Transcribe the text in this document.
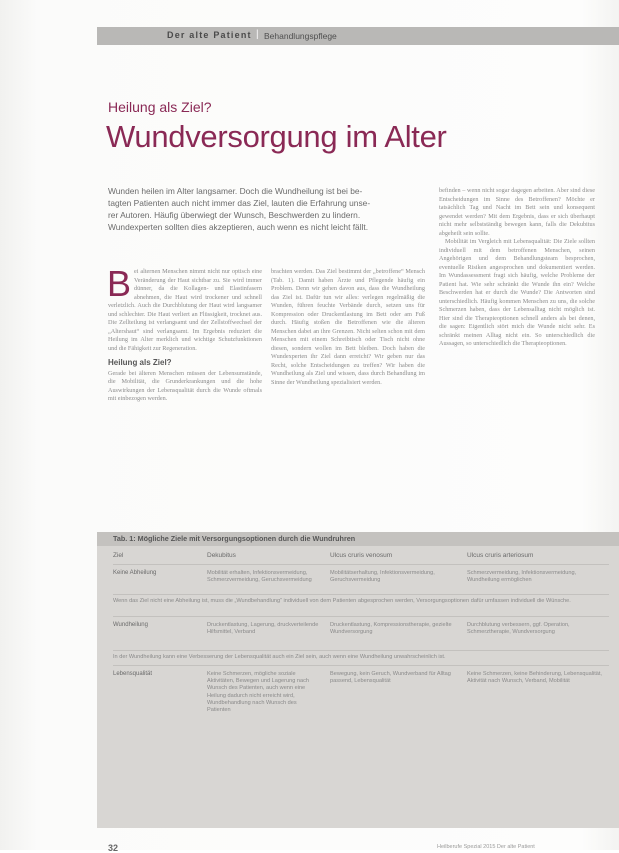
Der alte Patient | Behandlungspflege
Heilung als Ziel?
Wundversorgung im Alter

Wunden heilen im Alter langsamer. Doch die Wundheilung ist bei be-

tagten Patienten auch nicht immer das Ziel, lauten die Erfahrung unse-

rer Autoren. Häufig überwiegt der Wunsch, Beschwerden zu lindern.

Wundexperten sollten dies akzeptieren, auch wenn es nicht leicht fällt.

B ei alternen Menschen nimmt nicht nur optisch eine Veränderung der Haut sichtbar zu. Sie wird immer dünner, da die Kollagen- und Elastinfasern abnehmen, die Haut wird trockener und schnell verletzlich. Auch die Durchblutung der Haut wird langsamer und schlechter. Die Haut verliert an Flüssigkeit, trocknet aus. Die Zellteilung ist verlangsamt und der Zellstoffwechsel der „Altershaut“ sind verlangsamt. Im Ergebnis reduziert die Heilung im Alter merklich und wichtige Schutzfunktionen und die Fähigkeit zur Regeneration.

Heilung als Ziel?

Gerade bei älteren Menschen müssen der Lebensumstände, die Mobilität, die Grunderkrankungen und die hohe Auswirkungen der Lebensqualität durch die Wunde oftmals mit einbezogen werden.

brachten werden. Das Ziel bestimmt der „betroffene“ Mensch (Tab. 1). Damit haben Ärzte und Pflegende häufig ein Problem. Denn wir gehen davon aus, dass die Wundheilung das Ziel ist. Dafür tun wir alles: verlegen regelmäßig die Wunden, führen feuchte Verbände durch, setzen uns für Kompression oder Druckentlastung im Bett oder am Fuß durch. Häufig stoßen die Betroffenen wie die älteren Menschen dabei an ihre Grenzen. Nicht selten schon mit dem Menschen mit einem Schreibtisch oder Tisch nicht ohne diesen, sondern wollen im Bett bleiben. Doch haben die Wundexperten ihr Ziel dann erreicht? Wir geben nur das Recht, solche Entscheidungen zu treffen? Wir haben die Wundheilung als Ziel und wissen, dass durch Behandlung im Sinne der Wundheilung spezialisiert werden.

befinden – wenn nicht sogar dagegen arbeiten. Aber sind diese Entscheidungen im Sinne des Betroffenen? Möchte er tatsächlich Tag und Nacht im Bett sein und konsequent gewendet werden? Mit dem Ergebnis, dass er sich überhaupt nicht mehr selbstständig bewegen kann, falls die Dekubitus abgeheilt sein sollte.

Mobilität im Vergleich mit Lebensqualität: Die Ziele sollten individuell mit dem betroffenen Menschen, seinen Angehörigen und dem Behandlungsteam besprochen, eventuelle Risiken angesprochen und dokumentiert werden. Im Wundassessment fragt sich häufig, welche Probleme der Patient hat. Wie sehr schränkt die Wunde ihn ein? Welche Beschwerden hat er durch die Wunde? Die Antworten sind unterschiedlich. Häufig kommen Menschen zu uns, die solche Schmerzen haben, dass der Lebensalltag nicht möglich ist. Hier sind die Therapieoptionen schnell anders als bei denen, die sagen: Eigentlich stört mich die Wunde nicht sehr. Es schränkt meinen Alltag nicht ein. So unterschiedlich die Aussagen, so unterschiedlich die Therapieoptionen.

Tab. 1: Mögliche Ziele mit Versorgungsoptionen durch die Wundruhren
Ziel	Dekubitus	Ulcus cruris venosum	Ulcus cruris arteriosum
Keine Abheilung	Mobilität erhalten, Infektionsvermeidung, Schmerzvermeidung, Geruchsvermeidung
Mobilitätserhaltung, Infektionsvermeidung, Geruchsvermeidung
Schmerzvermeidung, Infektionsvermeidung, Wundheilung ermöglichen
Wenn das Ziel nicht eine Abheilung ist, muss die „Wundbehandlung“ individuell von dem Patienten abgesprochen werden, Versorgungsoptionen dafür umfassen individuell die Wünsche.
Wundheilung	Druckentlastung, Lagerung, druckverteilende Hilfsmittel, Verband
Druckentlastung, Kompressionstherapie, gezielte Wundversorgung
Durchblutung verbessern, ggf. Operation, Schmerztherapie, Wundversorgung
In der Wundheilung kann eine Verbesserung der Lebensqualität auch ein Ziel sein, auch wenn eine Wundheilung unwahrscheinlich ist.
Lebensqualität	Keine Schmerzen, mögliche soziale Aktivitäten, Bewegen und Lagerung nach Wunsch des Patienten, auch wenn eine Heilung dadurch nicht erreicht wird, Wundbehandlung nach Wunsch des Patienten
Bewegung, kein Geruch, Wundverband für Alltag passend, Lebensqualität
Keine Schmerzen, keine Behinderung, Lebensqualität, Aktivität nach Wunsch, Verband, Mobilität
32	Heilberufe Spezial 2015 Der alte Patient
